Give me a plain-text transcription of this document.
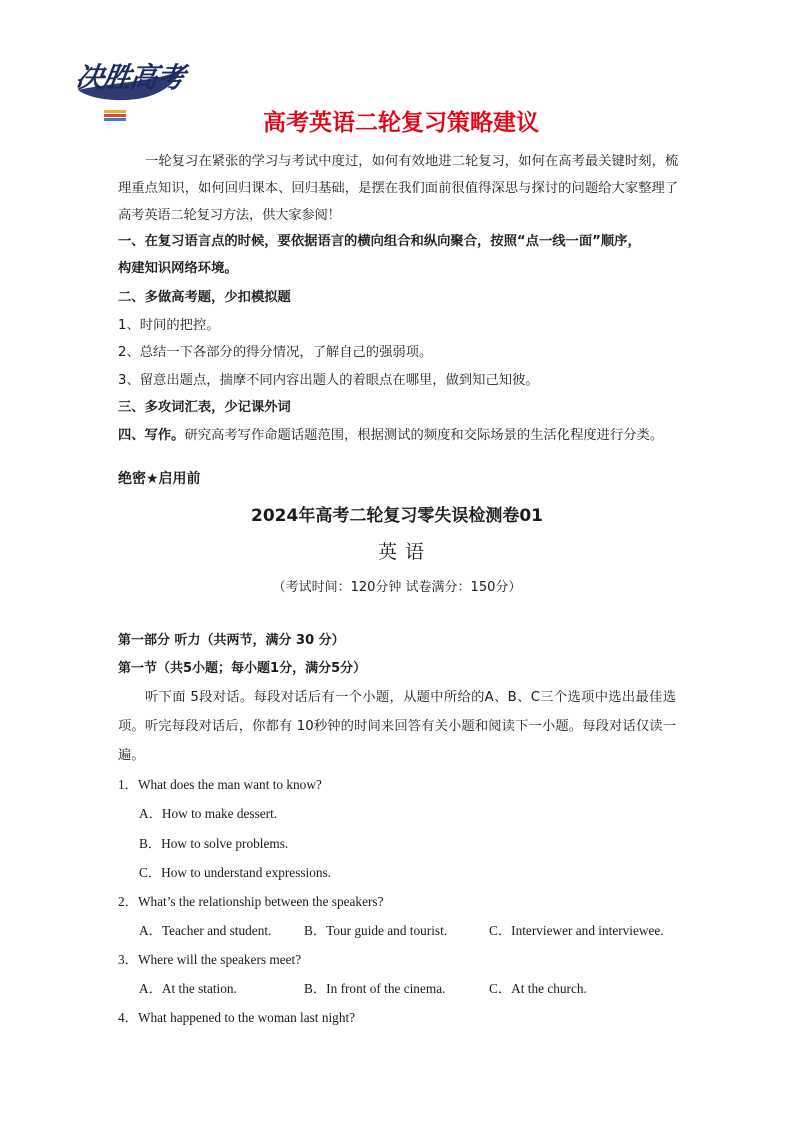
决胜高考
高考英语二轮复习策略建议
一轮复习在紧张的学习与考试中度过，如何有效地进二轮复习，如何在高考最关键时刻，梳理重点知识，如何回归课本、回归基础，是摆在我们面前很值得深思与探讨的问题给大家整理了高考英语二轮复习方法，供大家参阅！
一、在复习语言点的时候，要依据语言的横向组合和纵向聚合，按照“点一线一面”顺序，
构建知识网络环境。
二、多做高考题，少扣模拟题
1、时间的把控。
2、总结一下各部分的得分情况，了解自己的强弱项。
3、留意出题点，揣摩不同内容出题人的着眼点在哪里，做到知己知彼。
三、多攻词汇表，少记课外词
四、写作。研究高考写作命题话题范围，根据测试的频度和交际场景的生活化程度进行分类。
绝密★启用前
2024年高考二轮复习零失误检测卷01
英语
（考试时间：120分钟 试卷满分：150分）
第一部分 听力（共两节，满分 30 分）
第一节（共5小题；每小题1分，满分5分）
听下面 5段对话。每段对话后有一个小题，从题中所给的A、B、C三个选项中选出最佳选项。听完每段对话后，你都有 10秒钟的时间来回答有关小题和阅读下一小题。每段对话仅读一遍。
1．What does the man want to know?
A．How to make dessert.
B．How to solve problems.
C．How to understand expressions.
2．What’s the relationship between the speakers?
A．Teacher and student. B．Tour guide and tourist.	C．Interviewer and interviewee.
3．Where will the speakers meet?
A．At the station.	B．In front of the cinema.	C．At the church.
4．What happened to the woman last night?
